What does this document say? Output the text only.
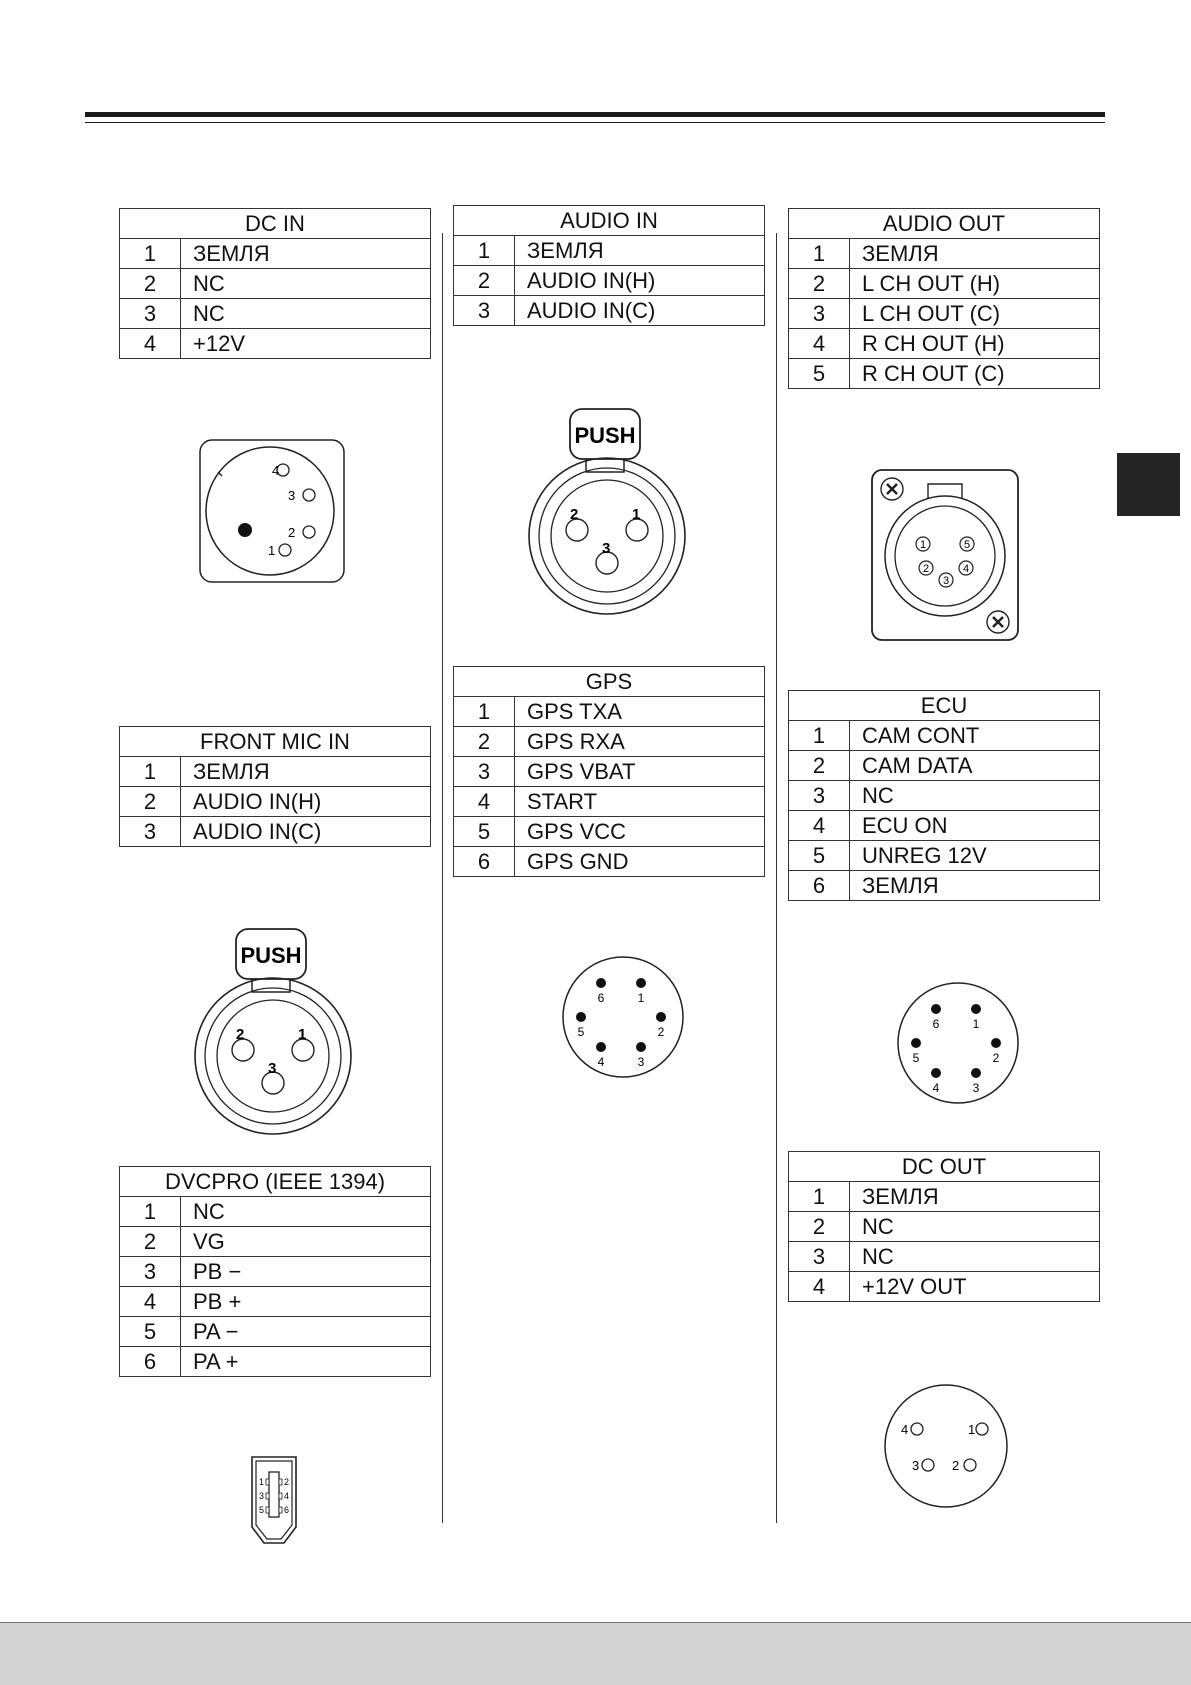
DC IN	
1	ЗЕМЛЯ
2	NC
3	NC
4	+12V
AUDIO IN	
1	ЗЕМЛЯ
2	AUDIO IN(H)
3	AUDIO IN(C)
AUDIO OUT	
1	ЗЕМЛЯ
2	L CH OUT (H)
3	L CH OUT (C)
4	R CH OUT (H)
5	R CH OUT (C)
FRONT MIC IN	
1	ЗЕМЛЯ
2	AUDIO IN(H)
3	AUDIO IN(C)
GPS	
1	GPS TXA
2	GPS RXA
3	GPS VBAT
4	START
5	GPS VCC
6	GPS GND
ECU	
1	CAM CONT
2	CAM DATA
3	NC
4	ECU ON
5	UNREG 12V
6	ЗЕМЛЯ
DVCPRO (IEEE 1394)	
1	NC
2	VG
3	PB −
4	PB +
5	PA −
6	PA +
DC OUT	
1	ЗЕМЛЯ
2	NC
3	NC
4	+12V OUT
4
3
2
1
PUSH
2	1
3
PUSH
2	1
3
1
2
3
4
5
6	1
2
3
4
5
6	1
2
3
4
5
4	1
3	2
1 2
3 4
5 6
